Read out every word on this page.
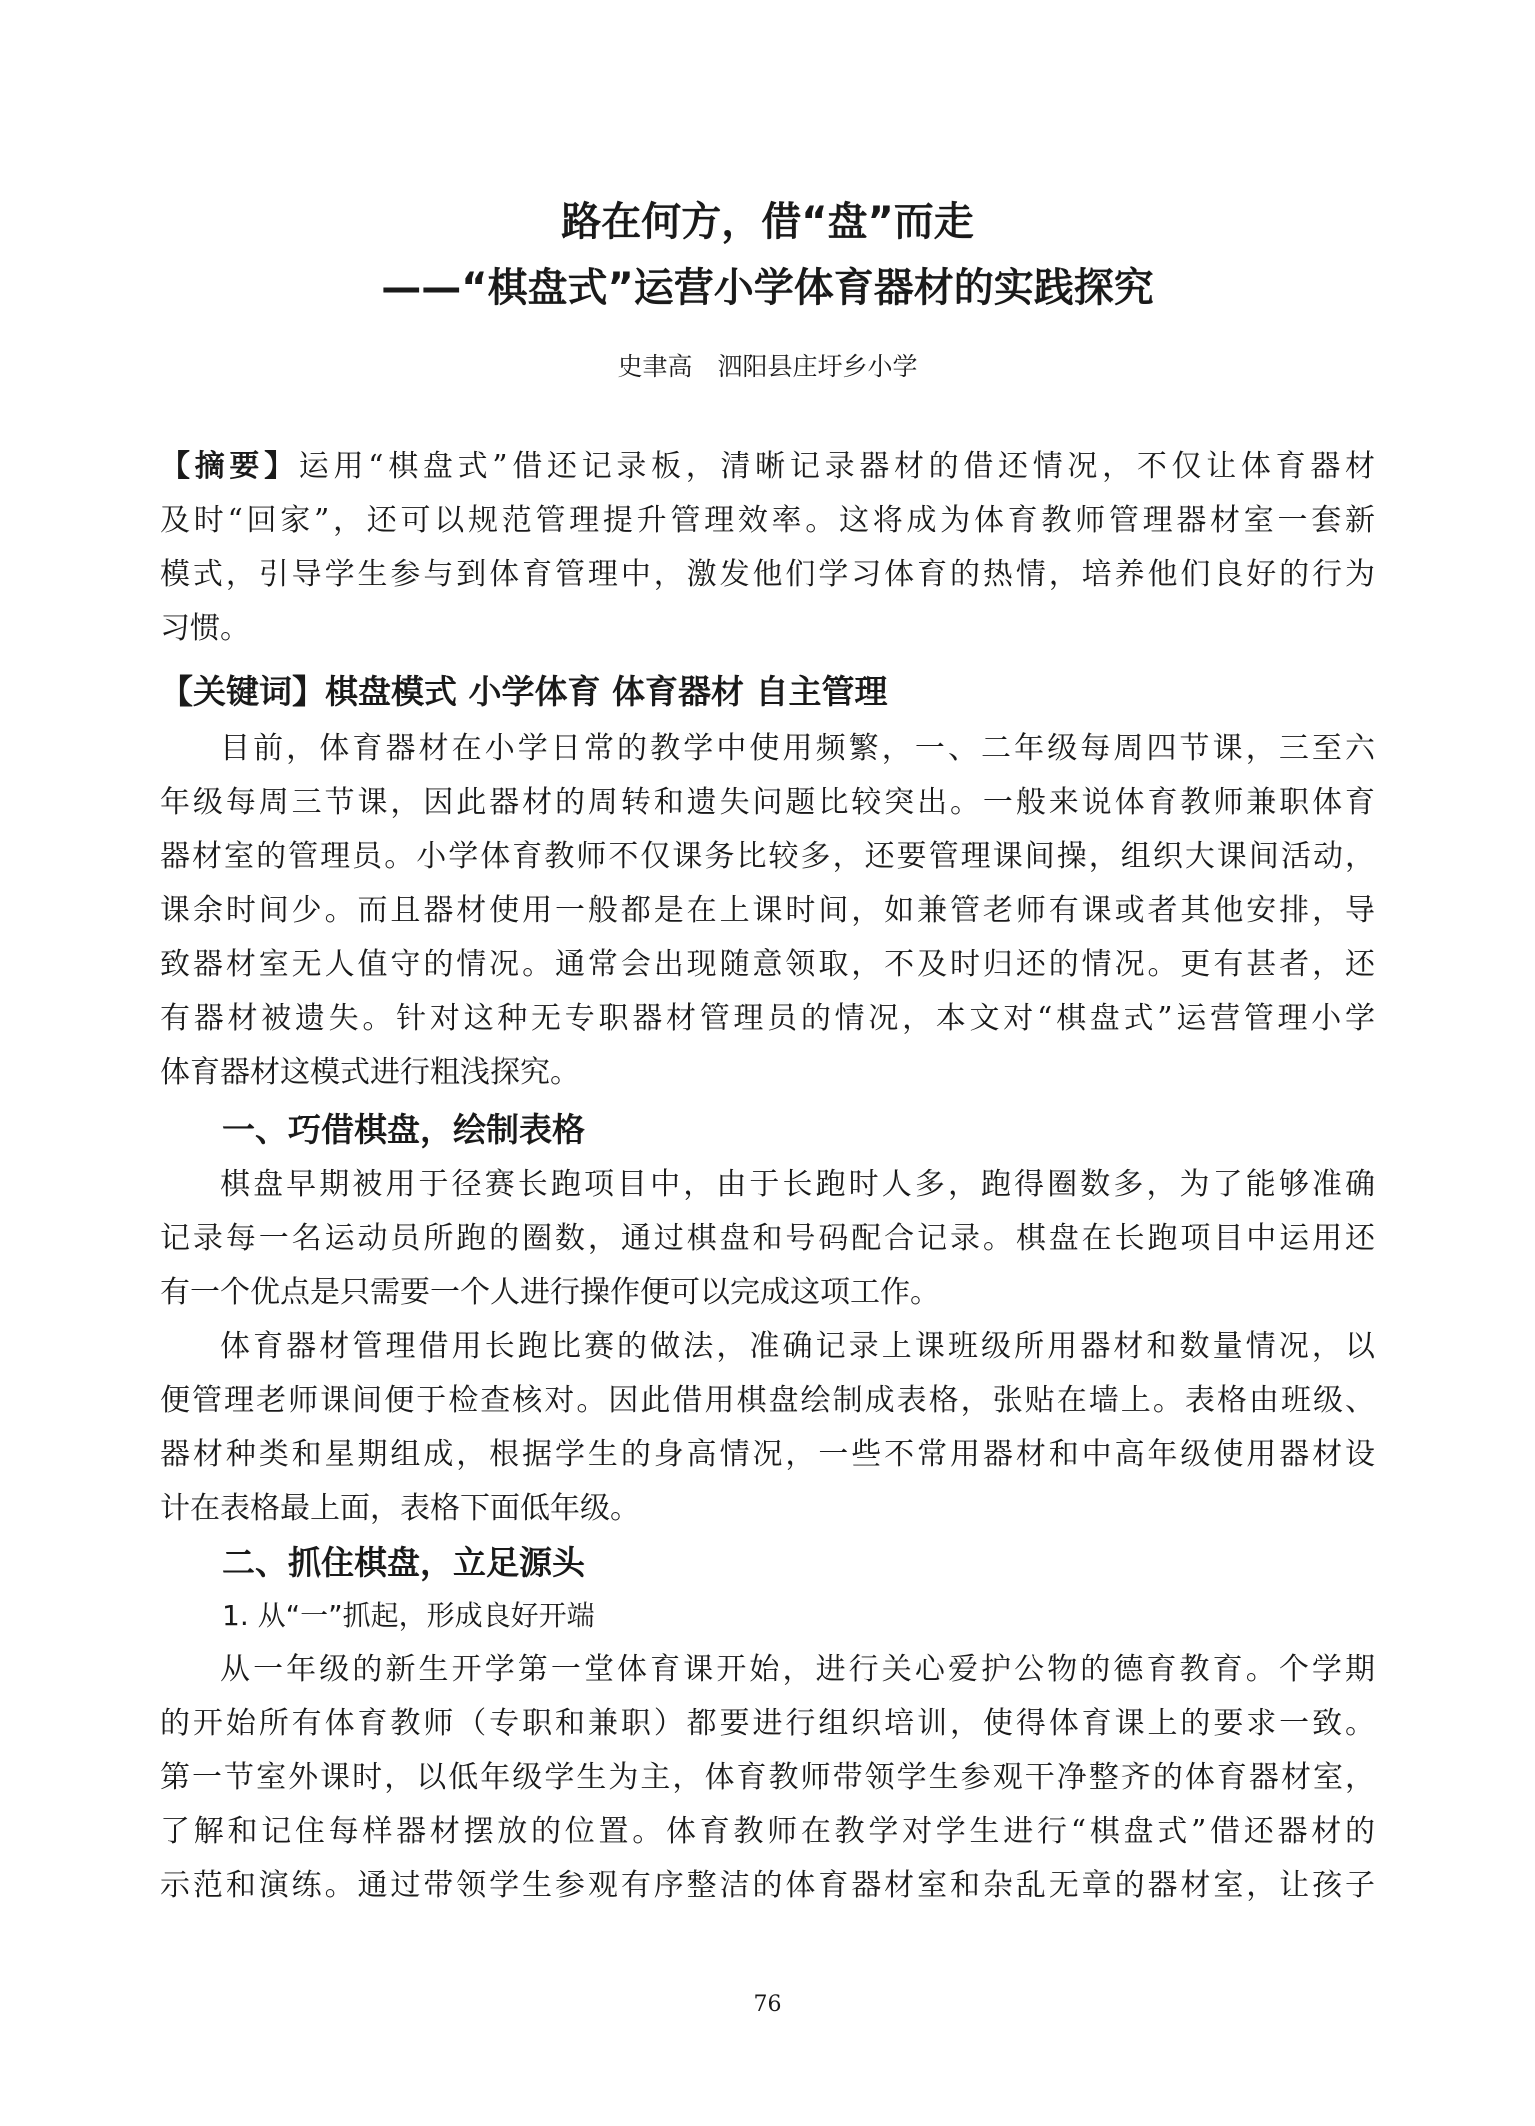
路在何方，借“盘”而走
——“棋盘式”运营小学体育器材的实践探究
史聿高　泗阳县庄圩乡小学
【摘要】运用“棋盘式”借还记录板，清晰记录器材的借还情况，不仅让体育器材
及时“回家”，还可以规范管理提升管理效率。这将成为体育教师管理器材室一套新
模式，引导学生参与到体育管理中，激发他们学习体育的热情，培养他们良好的行为
习惯。
【关键词】棋盘模式 小学体育 体育器材 自主管理
目前，体育器材在小学日常的教学中使用频繁，一、二年级每周四节课，三至六
年级每周三节课，因此器材的周转和遗失问题比较突出。一般来说体育教师兼职体育
器材室的管理员。小学体育教师不仅课务比较多，还要管理课间操，组织大课间活动，
课余时间少。而且器材使用一般都是在上课时间，如兼管老师有课或者其他安排，导
致器材室无人值守的情况。通常会出现随意领取，不及时归还的情况。更有甚者，还
有器材被遗失。针对这种无专职器材管理员的情况，本文对“棋盘式”运营管理小学
体育器材这模式进行粗浅探究。
一、巧借棋盘，绘制表格
棋盘早期被用于径赛长跑项目中，由于长跑时人多，跑得圈数多，为了能够准确
记录每一名运动员所跑的圈数，通过棋盘和号码配合记录。棋盘在长跑项目中运用还
有一个优点是只需要一个人进行操作便可以完成这项工作。
体育器材管理借用长跑比赛的做法，准确记录上课班级所用器材和数量情况，以
便管理老师课间便于检查核对。因此借用棋盘绘制成表格，张贴在墙上。表格由班级、
器材种类和星期组成，根据学生的身高情况，一些不常用器材和中高年级使用器材设
计在表格最上面，表格下面低年级。
二、抓住棋盘，立足源头
1. 从“一”抓起，形成良好开端
从一年级的新生开学第一堂体育课开始，进行关心爱护公物的德育教育。个学期
的开始所有体育教师（专职和兼职）都要进行组织培训，使得体育课上的要求一致。
第一节室外课时，以低年级学生为主，体育教师带领学生参观干净整齐的体育器材室，
了解和记住每样器材摆放的位置。体育教师在教学对学生进行“棋盘式”借还器材的
示范和演练。通过带领学生参观有序整洁的体育器材室和杂乱无章的器材室，让孩子
76
